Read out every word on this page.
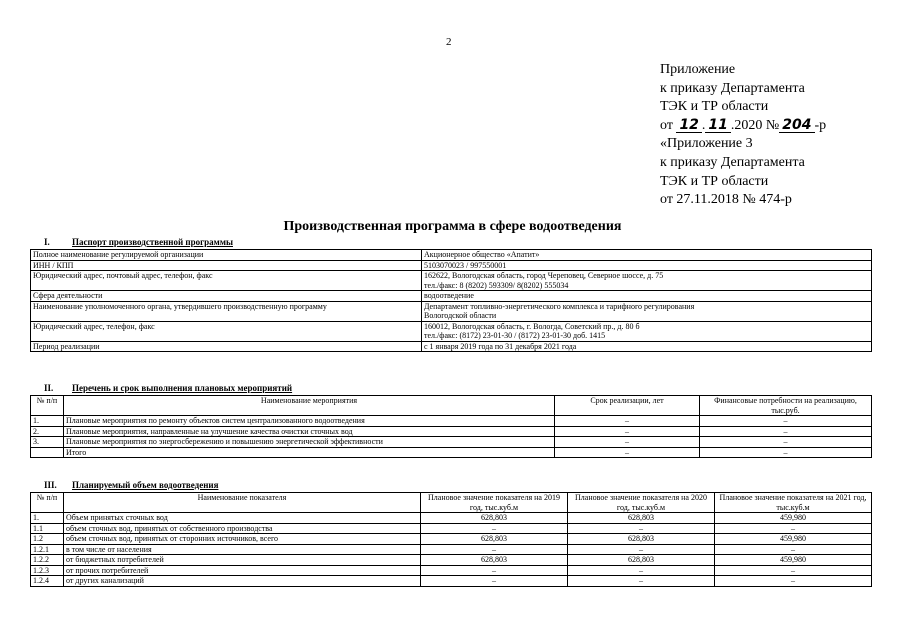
2
Приложение
к приказу Департамента
ТЭК и ТР области
от 12 . 11 .2020 № 204 -р
«Приложение 3
к приказу Департамента
ТЭК и ТР области
от 27.11.2018 № 474-р
Производственная программа в сфере водоотведения
I. Паспорт производственной программы
Полное наименование регулируемой организации	Акционерное общество «Апатит»

ИНН / КПП	5103070023 / 997550001

Юридический адрес, почтовый адрес, телефон, факс	162622, Вологодская область, город Череповец, Северное шоссе, д. 75
тел./факс: 8 (8202) 593309/ 8(8202) 555034

Сфера деятельности	водоотведение

Наименование уполномоченного органа, утвердившего производственную программу	Департамент топливно-энергетического комплекса и тарифного регулирования
Вологодской области

Юридический адрес, телефон, факс	160012, Вологодская область, г. Вологда, Советский пр., д. 80 б
тел./факс: (8172) 23-01-30 / (8172) 23-01-30 доб. 1415

Период реализации	с 1 января 2019 года по 31 декабря 2021 года
II. Перечень и срок выполнения плановых мероприятий
№ п/п	Наименование мероприятия	Срок реализации, лет	Финансовые потребности на реализацию, тыс.руб.
1.	Плановые мероприятия по ремонту объектов систем централизованного водоотведения	–	–
2.	Плановые мероприятия, направленные на улучшение качества очистки сточных вод	–	–
3.	Плановые мероприятия по энергосбережению и повышению энергетической эффективности	–	–
	Итого	–	–
III. Планируемый объем водоотведения
№ п/п	Наименование показателя	Плановое значение показателя на 2019 год, тыс.куб.м	Плановое значение показателя на 2020 год, тыс.куб.м	Плановое значение показателя на 2021 год, тыс.куб.м
1.	Объем принятых сточных вод	628,803	628,803	459,980
1.1	объем сточных вод, принятых от собственного производства	–	–	–
1.2	объем сточных вод, принятых от сторонних источников, всего	628,803	628,803	459,980
1.2.1	в том числе от населения	–	–	–
1.2.2	от бюджетных потребителей	628,803	628,803	459,980
1.2.3	от прочих потребителей	–	–	–
1.2.4	от других канализаций	–	–	–
